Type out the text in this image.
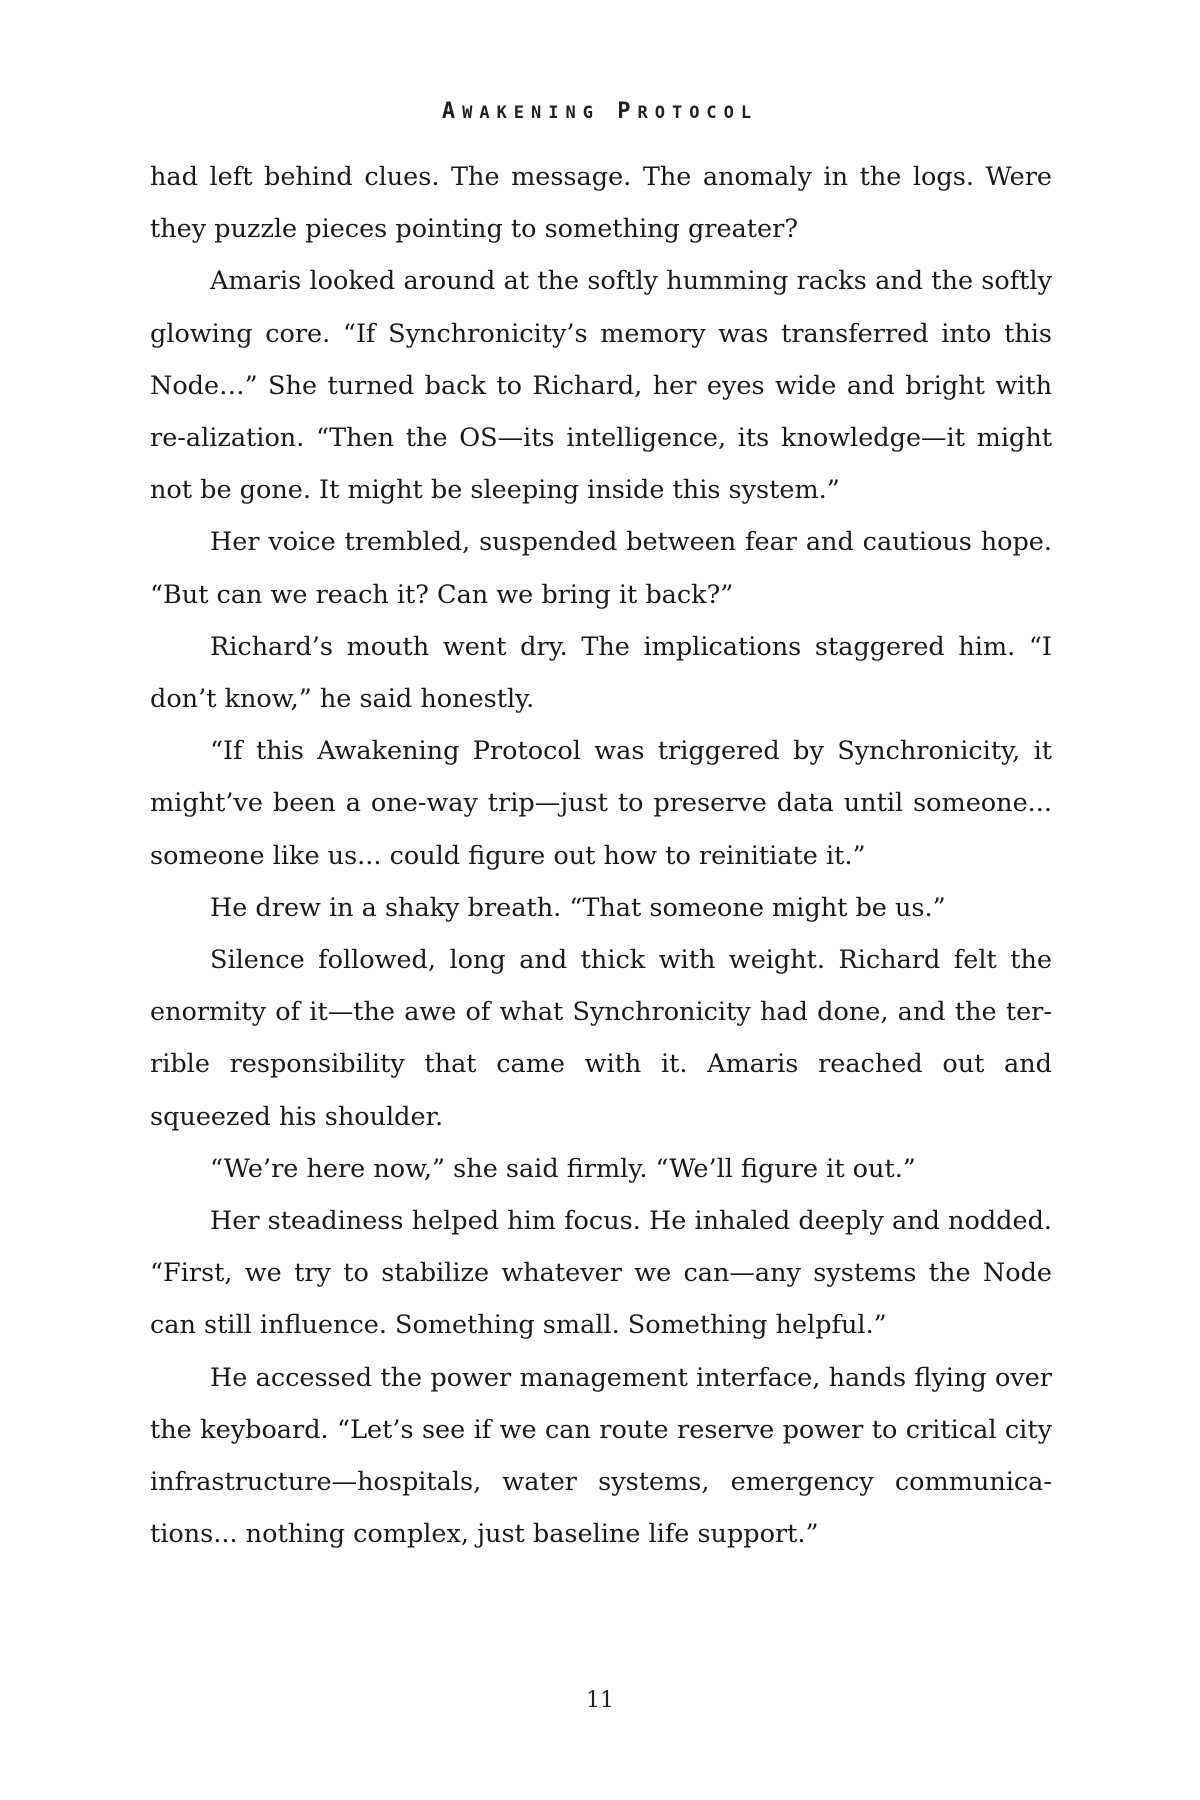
AWAKENING PROTOCOL

had left behind clues. The message. The anomaly in the logs. Were they puzzle pieces pointing to something greater?

Amaris looked around at the softly humming racks and the softly glowing core. “If Synchronicity’s memory was transferred into this Node…” She turned back to Richard, her eyes wide and bright with re-alization. “Then the OS—its intelligence, its knowledge—it might not be gone. It might be sleeping inside this system.”

Her voice trembled, suspended between fear and cautious hope. “But can we reach it? Can we bring it back?”

Richard’s mouth went dry. The implications staggered him. “I don’t know,” he said honestly.

“If this Awakening Protocol was triggered by Synchronicity, it might’ve been a one-way trip—just to preserve data until someone... someone like us... could figure out how to reinitiate it.”

He drew in a shaky breath. “That someone might be us.”

Silence followed, long and thick with weight. Richard felt the enormity of it—the awe of what Synchronicity had done, and the ter-rible responsibility that came with it. Amaris reached out and squeezed his shoulder.

“We’re here now,” she said firmly. “We’ll figure it out.”

Her steadiness helped him focus. He inhaled deeply and nodded. “First, we try to stabilize whatever we can—any systems the Node can still influence. Something small. Something helpful.”

He accessed the power management interface, hands flying over the keyboard. “Let’s see if we can route reserve power to critical city infrastructure—hospitals, water systems, emergency communica-tions... nothing complex, just baseline life support.”

11
